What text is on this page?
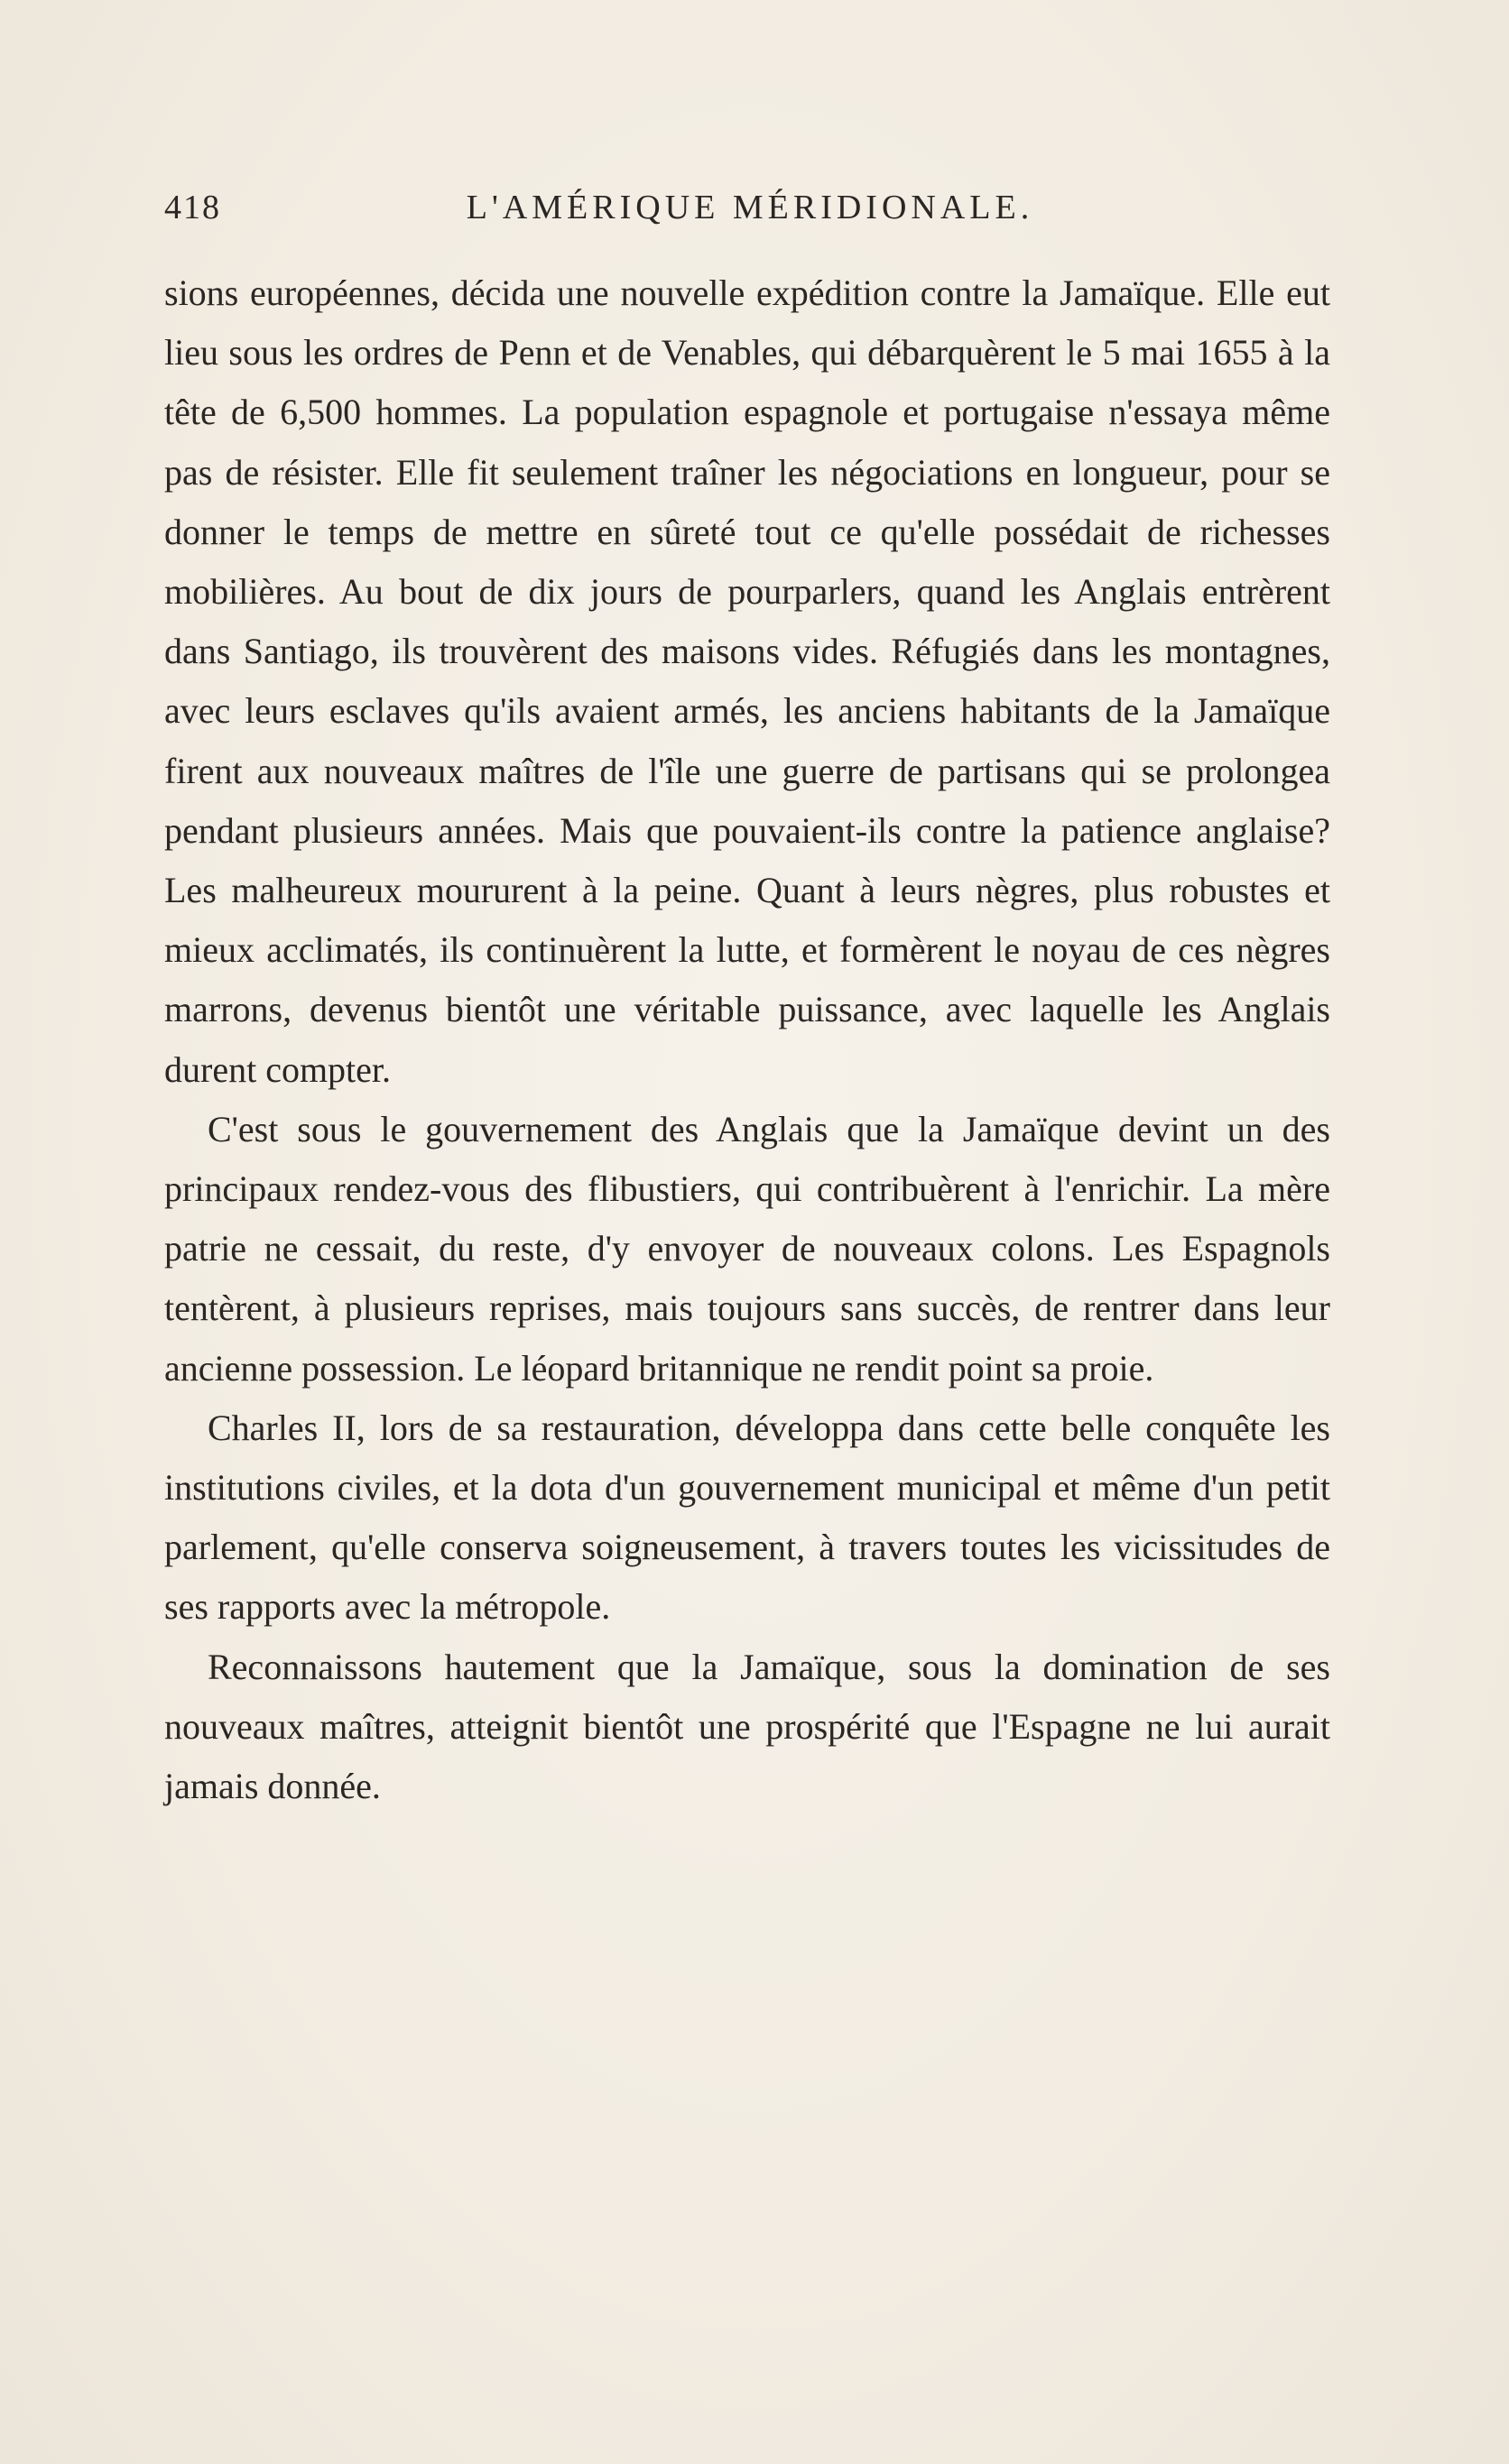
418	L'AMÉRIQUE MÉRIDIONALE.

sions européennes, décida une nouvelle expédition contre la Jamaïque. Elle eut lieu sous les ordres de Penn et de Venables, qui débarquèrent le 5 mai 1655 à la tête de 6,500 hommes. La population espagnole et portugaise n'essaya même pas de résister. Elle fit seulement traîner les négociations en longueur, pour se donner le temps de mettre en sûreté tout ce qu'elle possédait de richesses mobilières. Au bout de dix jours de pourparlers, quand les Anglais entrèrent dans Santiago, ils trouvèrent des maisons vides. Réfugiés dans les montagnes, avec leurs esclaves qu'ils avaient armés, les anciens habitants de la Jamaïque firent aux nouveaux maîtres de l'île une guerre de partisans qui se prolongea pendant plusieurs années. Mais que pouvaient-ils contre la patience anglaise? Les malheureux moururent à la peine. Quant à leurs nègres, plus robustes et mieux acclimatés, ils continuèrent la lutte, et formèrent le noyau de ces nègres marrons, devenus bientôt une véritable puissance, avec laquelle les Anglais durent compter.

C'est sous le gouvernement des Anglais que la Jamaïque devint un des principaux rendez-vous des flibustiers, qui contribuèrent à l'enrichir. La mère patrie ne cessait, du reste, d'y envoyer de nouveaux colons. Les Espagnols tentèrent, à plusieurs reprises, mais toujours sans succès, de rentrer dans leur ancienne possession. Le léopard britannique ne rendit point sa proie.

Charles II, lors de sa restauration, développa dans cette belle conquête les institutions civiles, et la dota d'un gouvernement municipal et même d'un petit parlement, qu'elle conserva soigneusement, à travers toutes les vicissitudes de ses rapports avec la métropole.

Reconnaissons hautement que la Jamaïque, sous la domination de ses nouveaux maîtres, atteignit bientôt une prospérité que l'Espagne ne lui aurait jamais donnée.
